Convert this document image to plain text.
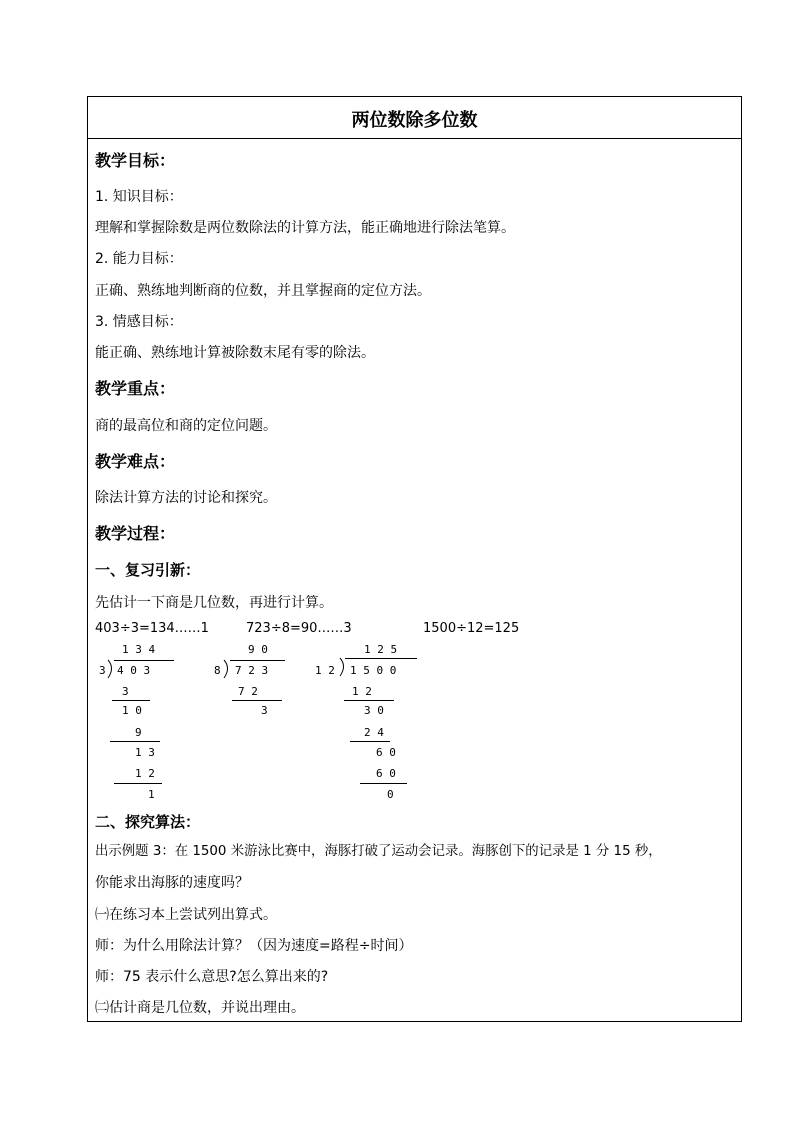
两位数除多位数
教学目标：
1. 知识目标：
理解和掌握除数是两位数除法的计算方法，能正确地进行除法笔算。
2. 能力目标：
正确、熟练地判断商的位数，并且掌握商的定位方法。
3. 情感目标：
能正确、熟练地计算被除数末尾有零的除法。
教学重点：
商的最高位和商的定位问题。
教学难点：
除法计算方法的讨论和探究。
教学过程：
一、复习引新：
先估计一下商是几位数，再进行计算。
403÷3=134……1	723÷8=90……3	1500÷12=125
1 3 4
3 4 0 3
3
1 0
9
1 3
1 2
1
9 0
8 7 2 3
7 2
3
1 2 5
1 2 1 5 0 0
1 2
3 0
2 4
6 0
6 0
0
二、探究算法：
出示例题 3：在 1500 米游泳比赛中，海豚打破了运动会记录。海豚创下的记录是 1 分 15 秒，
你能求出海豚的速度吗？
㈠在练习本上尝试列出算式。
师：为什么用除法计算？（因为速度=路程÷时间）
师：75 表示什么意思?怎么算出来的?
㈡估计商是几位数，并说出理由。
